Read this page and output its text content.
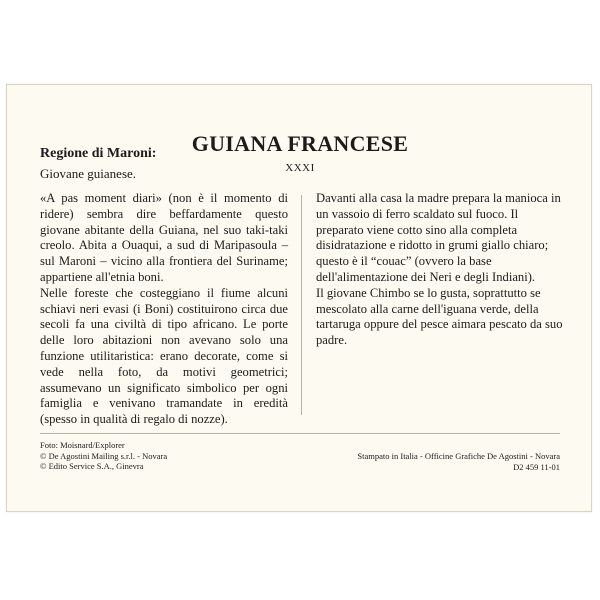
Regione di Maroni:
Giovane guianese.
GUIANA FRANCESE
XXXI

«A pas moment diari» (non è il momento di ridere) sembra dire beffardamente questo giovane abitante della Guiana, nel suo taki-taki creolo. Abita a Ouaqui, a sud di Maripasoula – sul Maroni – vicino alla frontiera del Suriname; appartiene all'etnia boni.

Nelle foreste che costeggiano il fiume alcuni schiavi neri evasi (i Boni) costituirono circa due secoli fa una civiltà di tipo africano. Le porte delle loro abitazioni non avevano solo una funzione utilitaristica: erano decorate, come si vede nella foto, da motivi geometrici; assumevano un significato simbolico per ogni famiglia e venivano tramandate in eredità (spesso in qualità di regalo di nozze).

Davanti alla casa la madre prepara la manioca in un vassoio di ferro scaldato sul fuoco. Il preparato viene cotto sino alla completa disidratazione e ridotto in grumi giallo chiaro; questo è il “couac” (ovvero la base dell'alimentazione dei Neri e degli Indiani).

Il giovane Chimbo se lo gusta, soprattutto se mescolato alla carne dell'iguana verde, della tartaruga oppure del pesce aimara pescato da suo padre.

Foto: Moisnard/Explorer
© De Agostini Mailing s.r.l. - Novara
© Edito Service S.A., Ginevra
Stampato in Italia - Officine Grafiche De Agostini - Novara
D2 459 11-01
